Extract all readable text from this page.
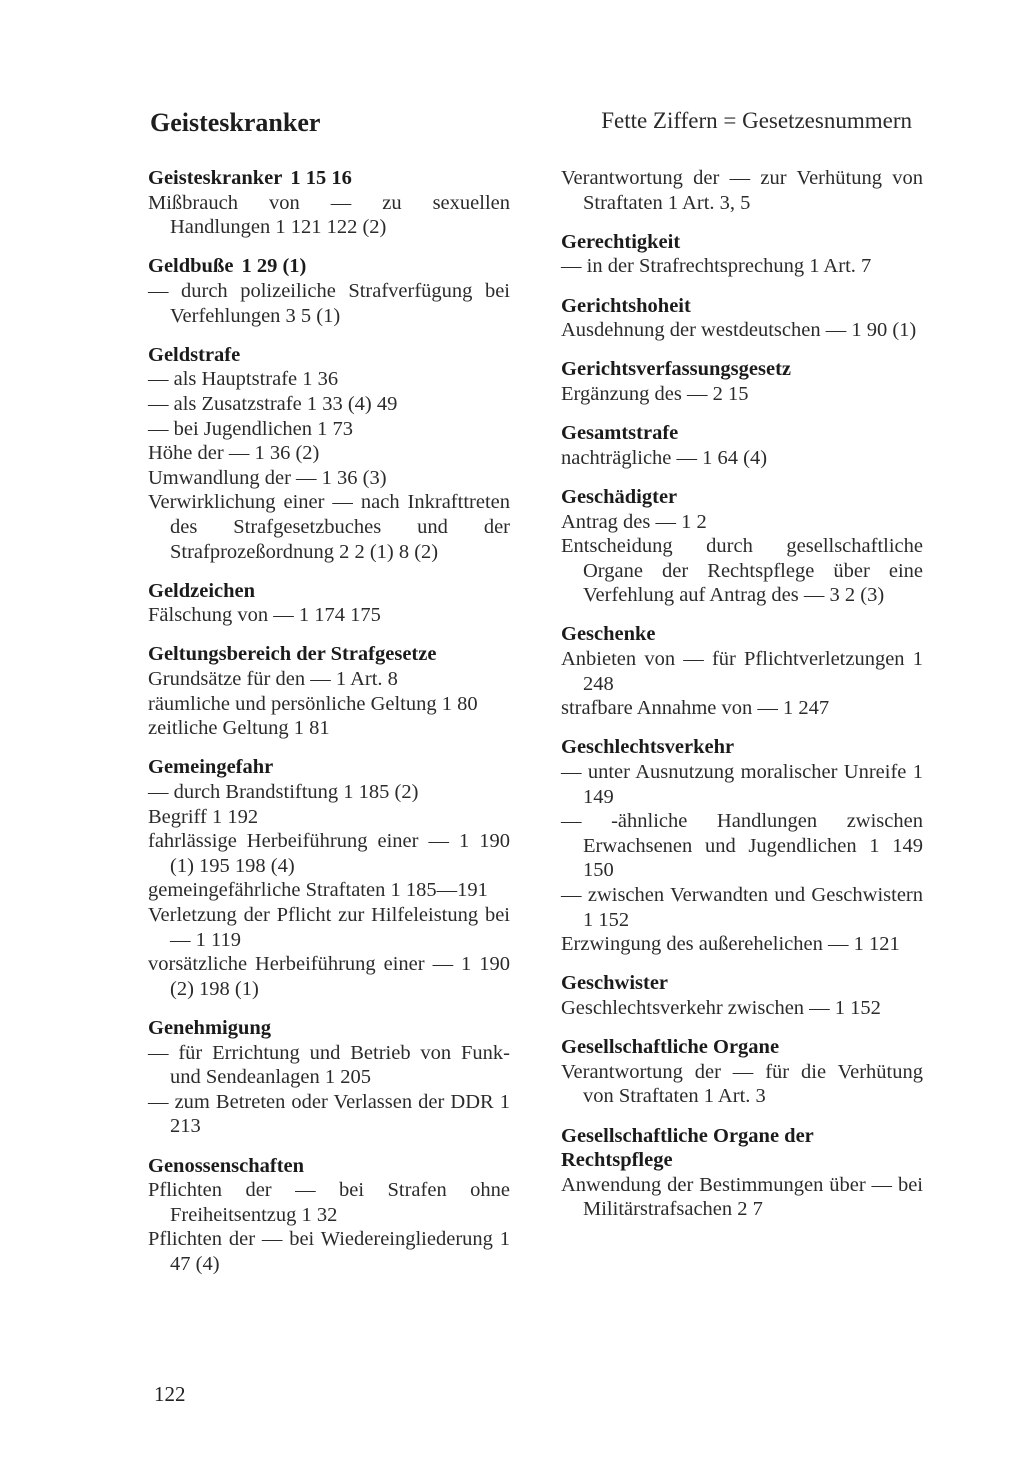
Geisteskranker	Fette Ziffern = Gesetzesnummern
Geisteskranker 1 15 16
Mißbrauch von — zu sexuellen Handlungen 1 121 122 (2)
Geldbuße 1 29 (1)
— durch polizeiliche Strafverfügung bei Verfehlungen 3 5 (1)
Geldstrafe
— als Hauptstrafe 1 36
— als Zusatzstrafe 1 33 (4) 49
— bei Jugendlichen 1 73
Höhe der — 1 36 (2)
Umwandlung der — 1 36 (3)
Verwirklichung einer — nach Inkrafttreten des Strafgesetzbuches und der Strafprozeßordnung 2 2 (1) 8 (2)
Geldzeichen
Fälschung von — 1 174 175
Geltungsbereich der Strafgesetze
Grundsätze für den — 1 Art. 8
räumliche und persönliche Geltung 1 80
zeitliche Geltung 1 81
Gemeingefahr
— durch Brandstiftung 1 185 (2)
Begriff 1 192
fahrlässige Herbeiführung einer — 1 190 (1) 195 198 (4)
gemeingefährliche Straftaten 1 185—191
Verletzung der Pflicht zur Hilfeleistung bei — 1 119
vorsätzliche Herbeiführung einer — 1 190 (2) 198 (1)
Genehmigung
— für Errichtung und Betrieb von Funk- und Sendeanlagen 1 205
— zum Betreten oder Verlassen der DDR 1 213
Genossenschaften
Pflichten der — bei Strafen ohne Freiheitsentzug 1 32
Pflichten der — bei Wiedereingliederung 1 47 (4)
Verantwortung der — zur Verhütung von Straftaten 1 Art. 3, 5
Gerechtigkeit
— in der Strafrechtsprechung 1 Art. 7
Gerichtshoheit
Ausdehnung der westdeutschen — 1 90 (1)
Gerichtsverfassungsgesetz
Ergänzung des — 2 15
Gesamtstrafe
nachträgliche — 1 64 (4)
Geschädigter
Antrag des — 1 2
Entscheidung durch gesellschaftliche Organe der Rechtspflege über eine Verfehlung auf Antrag des — 3 2 (3)
Geschenke
Anbieten von — für Pflichtverletzungen 1 248
strafbare Annahme von — 1 247
Geschlechtsverkehr
— unter Ausnutzung moralischer Unreife 1 149
— -ähnliche Handlungen zwischen Erwachsenen und Jugendlichen 1 149 150
— zwischen Verwandten und Geschwistern 1 152
Erzwingung des außerehelichen — 1 121
Geschwister
Geschlechtsverkehr zwischen — 1 152
Gesellschaftliche Organe
Verantwortung der — für die Verhütung von Straftaten 1 Art. 3
Gesellschaftliche Organe der Rechtspflege
Anwendung der Bestimmungen über — bei Militärstrafsachen 2 7
122
